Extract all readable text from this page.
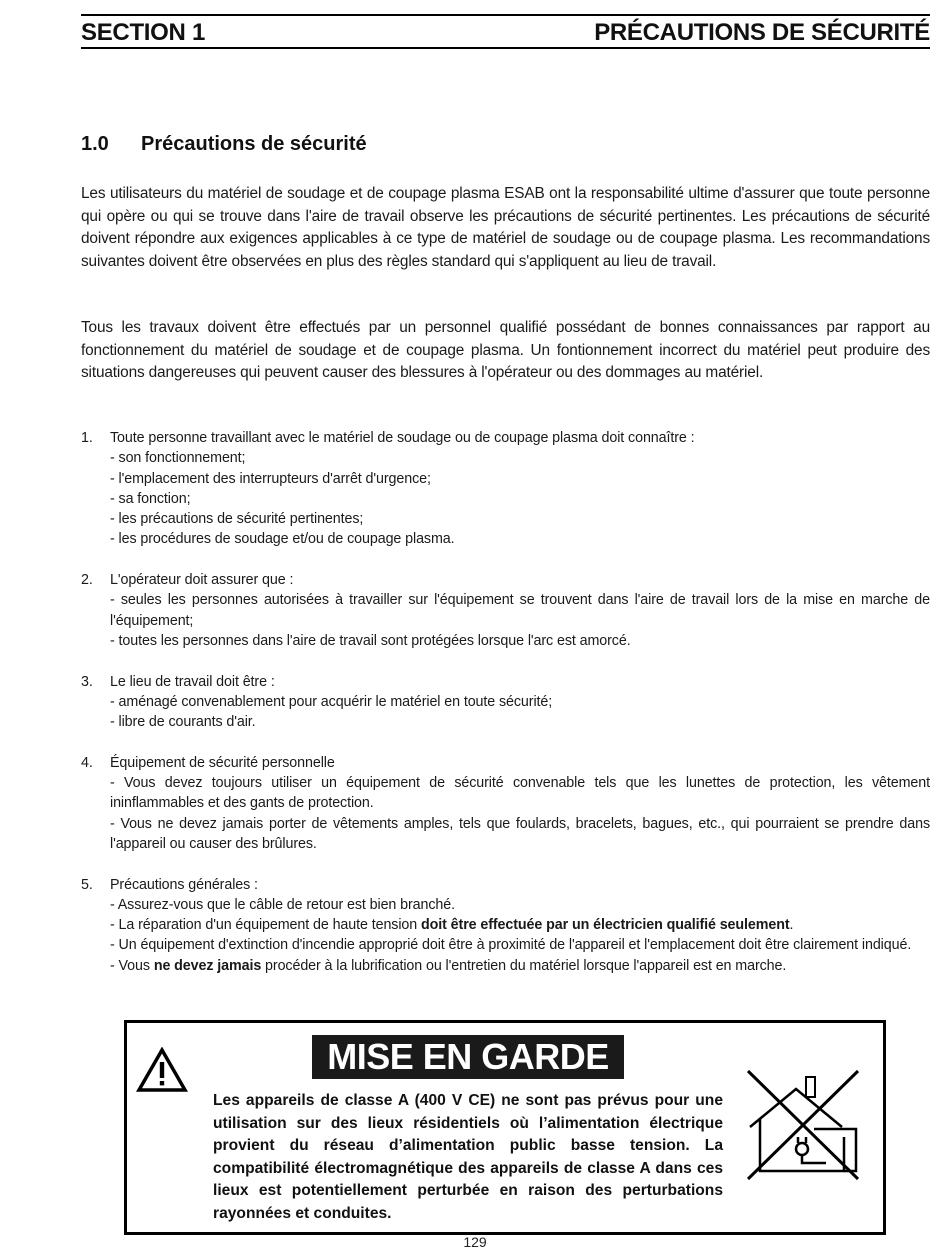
SECTION 1	PRÉCAUTIONS DE SÉCURITÉ
1.0 Précautions de sécurité
Les utilisateurs du matériel de soudage et de coupage plasma ESAB ont la responsabilité ultime d'assurer que toute personne qui opère ou qui se trouve dans l'aire de travail observe les précautions de sécurité pertinentes. Les précautions de sécurité doivent répondre aux exigences applicables à ce type de matériel de soudage ou de coupage plasma. Les recommandations suivantes doivent être observées en plus des règles standard qui s'appliquent au lieu de travail.
Tous les travaux doivent être effectués par un personnel qualifié possédant de bonnes connaissances par rapport au fonctionnement du matériel de soudage et de coupage plasma. Un fontionnement incorrect du matériel peut produire des situations dangereuses qui peuvent causer des blessures à l'opérateur ou des dommages au matériel.
1. Toute personne travaillant avec le matériel de soudage ou de coupage plasma doit connaître :
- son fonctionnement;
- l'emplacement des interrupteurs d'arrêt d'urgence;
- sa fonction;
- les précautions de sécurité pertinentes;
- les procédures de soudage et/ou de coupage plasma.
2. L'opérateur doit assurer que :
- seules les personnes autorisées à travailler sur l'équipement se trouvent dans l'aire de travail lors de la mise en marche de l'équipement;
- toutes les personnes dans l'aire de travail sont protégées lorsque l'arc est amorcé.
3. Le lieu de travail doit être :
- aménagé convenablement pour acquérir le matériel en toute sécurité;
- libre de courants d'air.
4. Équipement de sécurité personnelle
- Vous devez toujours utiliser un équipement de sécurité convenable tels que les lunettes de protection, les vêtement ininflammables et des gants de protection.
- Vous ne devez jamais porter de vêtements amples, tels que foulards, bracelets, bagues, etc., qui pourraient se prendre dans l'appareil ou causer des brûlures.
5. Précautions générales :
- Assurez-vous que le câble de retour est bien branché.
- La réparation d'un équipement de haute tension doit être effectuée par un électricien qualifié seulement.
- Un équipement d'extinction d'incendie approprié doit être à proximité de l'appareil et l'emplacement doit être clairement indiqué.
- Vous ne devez jamais procéder à la lubrification ou l'entretien du matériel lorsque l'appareil est en marche.
MISE EN GARDE
Les appareils de classe A (400 V CE) ne sont pas prévus pour une utilisation sur des lieux résidentiels où l’alimentation électrique provient du réseau d’alimentation public basse tension. La compatibilité électromagnétique des appareils de classe A dans ces lieux est potentiellement perturbée en raison des perturbations rayonnées et conduites.
129
